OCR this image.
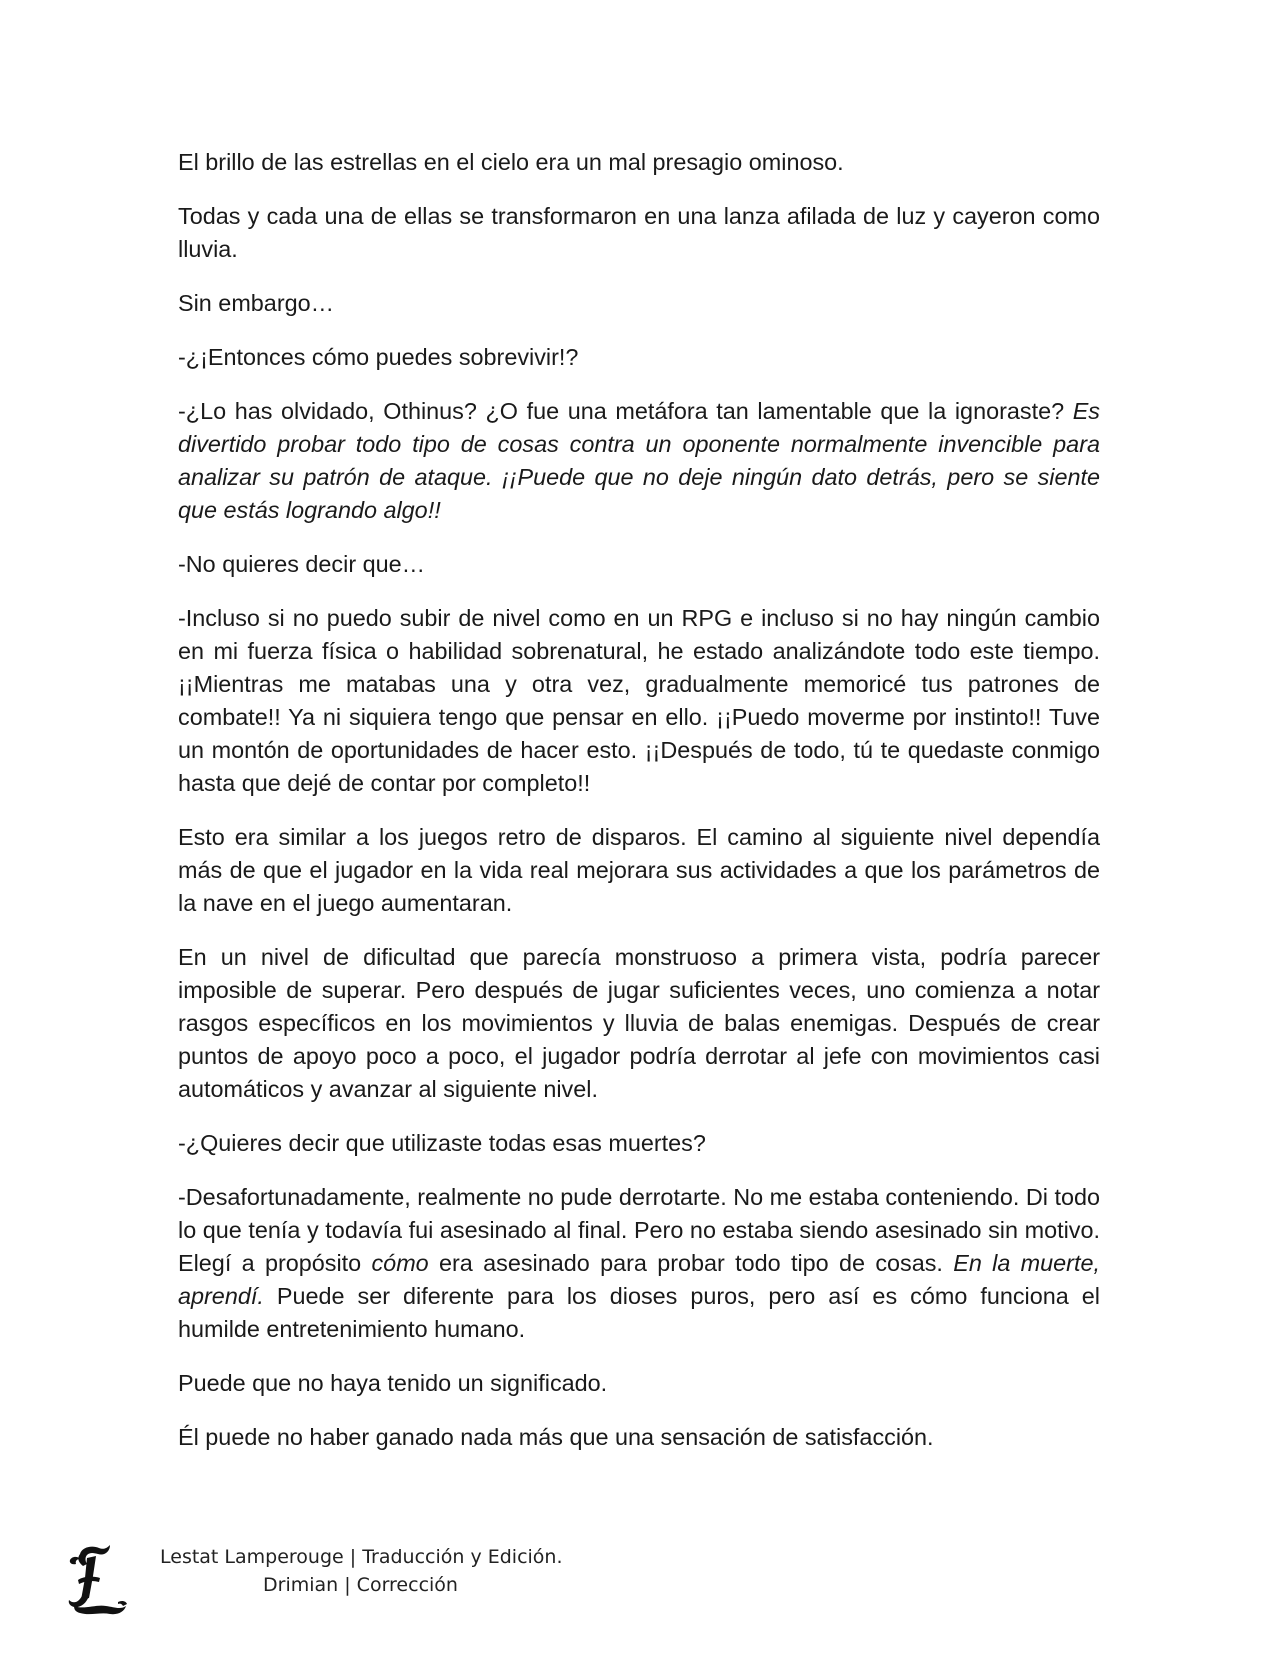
El brillo de las estrellas en el cielo era un mal presagio ominoso.

Todas y cada una de ellas se transformaron en una lanza afilada de luz y cayeron como lluvia.

Sin embargo…

-¿¡Entonces cómo puedes sobrevivir!?

-¿Lo has olvidado, Othinus? ¿O fue una metáfora tan lamentable que la ignoraste? Es divertido probar todo tipo de cosas contra un oponente normalmente invencible para analizar su patrón de ataque. ¡¡Puede que no deje ningún dato detrás, pero se siente que estás logrando algo!!

-No quieres decir que…

-Incluso si no puedo subir de nivel como en un RPG e incluso si no hay ningún cambio en mi fuerza física o habilidad sobrenatural, he estado analizándote todo este tiempo. ¡¡Mientras me matabas una y otra vez, gradualmente memoricé tus patrones de combate!! Ya ni siquiera tengo que pensar en ello. ¡¡Puedo moverme por instinto!! Tuve un montón de oportunidades de hacer esto. ¡¡Después de todo, tú te quedaste conmigo hasta que dejé de contar por completo!!

Esto era similar a los juegos retro de disparos. El camino al siguiente nivel dependía más de que el jugador en la vida real mejorara sus actividades a que los parámetros de la nave en el juego aumentaran.

En un nivel de dificultad que parecía monstruoso a primera vista, podría parecer imposible de superar. Pero después de jugar suficientes veces, uno comienza a notar rasgos específicos en los movimientos y lluvia de balas enemigas. Después de crear puntos de apoyo poco a poco, el jugador podría derrotar al jefe con movimientos casi automáticos y avanzar al siguiente nivel.

-¿Quieres decir que utilizaste todas esas muertes?

-Desafortunadamente, realmente no pude derrotarte. No me estaba conteniendo. Di todo lo que tenía y todavía fui asesinado al final. Pero no estaba siendo asesinado sin motivo. Elegí a propósito cómo era asesinado para probar todo tipo de cosas. En la muerte, aprendí. Puede ser diferente para los dioses puros, pero así es cómo funciona el humilde entretenimiento humano.

Puede que no haya tenido un significado.

Él puede no haber ganado nada más que una sensación de satisfacción.

Lestat Lamperouge | Traducción y Edición.
Drimian | Corrección
